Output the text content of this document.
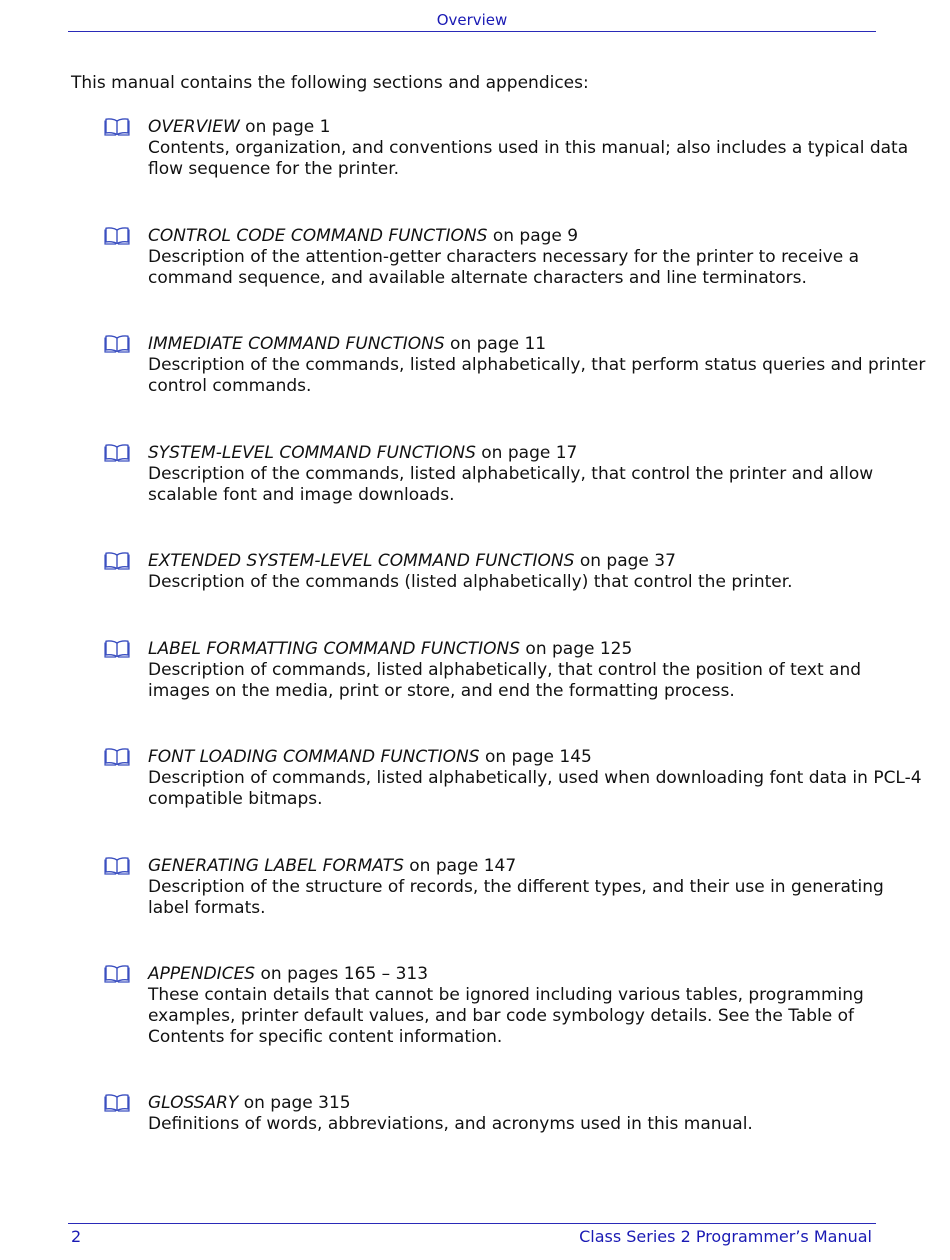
Overview

This manual contains the following sections and appendices:

OVERVIEW on page 1
Contents, organization, and conventions used in this manual; also includes a typical data flow sequence for the printer.
CONTROL CODE COMMAND FUNCTIONS on page 9
Description of the attention-getter characters necessary for the printer to receive a command sequence, and available alternate characters and line terminators.
IMMEDIATE COMMAND FUNCTIONS on page 11
Description of the commands, listed alphabetically, that perform status queries and printer control commands.
SYSTEM-LEVEL COMMAND FUNCTIONS on page 17
Description of the commands, listed alphabetically, that control the printer and allow scalable font and image downloads.
EXTENDED SYSTEM-LEVEL COMMAND FUNCTIONS on page 37
Description of the commands (listed alphabetically) that control the printer.
LABEL FORMATTING COMMAND FUNCTIONS on page 125
Description of commands, listed alphabetically, that control the position of text and images on the media, print or store, and end the formatting process.
FONT LOADING COMMAND FUNCTIONS on page 145
Description of commands, listed alphabetically, used when downloading font data in PCL-4 compatible bitmaps.
GENERATING LABEL FORMATS on page 147
Description of the structure of records, the different types, and their use in generating label formats.
APPENDICES on pages 165 – 313
These contain details that cannot be ignored including various tables, programming examples, printer default values, and bar code symbology details. See the Table of Contents for specific content information.
GLOSSARY on page 315
Definitions of words, abbreviations, and acronyms used in this manual.
2	Class Series 2 Programmer’s Manual
